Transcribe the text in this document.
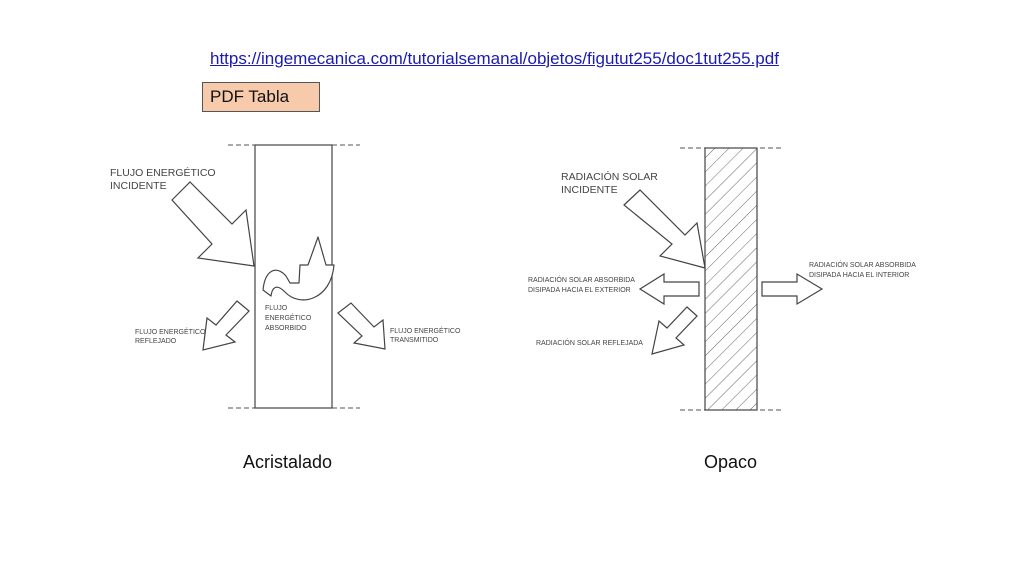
https://ingemecanica.com/tutorialsemanal/objetos/figutut255/doc1tut255.pdf
PDF Tabla
FLUJO ENERGÉTICO
INCIDENTE
FLUJO
ENERGÉTICO
ABSORBIDO
FLUJO ENERGÉTICO
REFLEJADO
FLUJO ENERGÉTICO
TRANSMITIDO
RADIACIÓN SOLAR
INCIDENTE
RADIACIÓN SOLAR ABSORBIDA
DISIPADA HACIA EL EXTERIOR
RADIACIÓN SOLAR ABSORBIDA
DISIPADA HACIA EL INTERIOR
RADIACIÓN SOLAR REFLEJADA
Acristalado	Opaco
